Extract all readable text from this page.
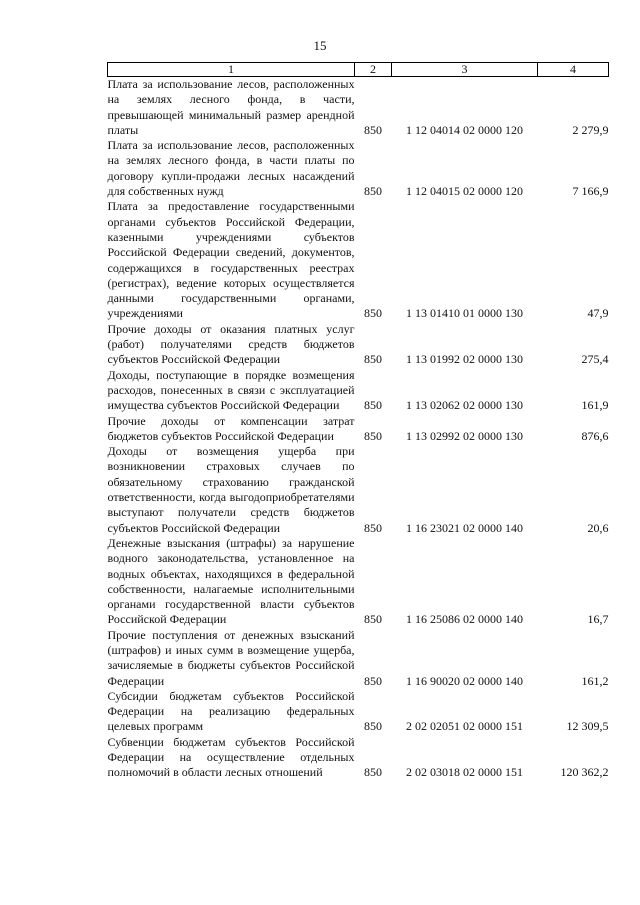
15
1	2	3	4
Плата за использование лесов, расположенных на землях лесного фонда, в части, превышающей минимальный размер арендной платы	850	1 12 04014 02 0000 120	2 279,9
Плата за использование лесов, расположенных на землях лесного фонда, в части платы по договору купли-продажи лесных насаждений для собственных нужд	850	1 12 04015 02 0000 120	7 166,9
Плата за предоставление государственными органами субъектов Российской Федерации, казенными учреждениями субъектов Российской Федерации сведений, документов, содержащихся в государственных реестрах (регистрах), ведение которых осуществляется данными государственными органами, учреждениями	850	1 13 01410 01 0000 130	47,9
Прочие доходы от оказания платных услуг (работ) получателями средств бюджетов субъектов Российской Федерации	850	1 13 01992 02 0000 130	275,4
Доходы, поступающие в порядке возмещения расходов, понесенных в связи с эксплуатацией имущества субъектов Российской Федерации	850	1 13 02062 02 0000 130	161,9
Прочие доходы от компенсации затрат бюджетов субъектов Российской Федерации	850	1 13 02992 02 0000 130	876,6
Доходы от возмещения ущерба при возникновении страховых случаев по обязательному страхованию гражданской ответственности, когда выгодоприобретателями выступают получатели средств бюджетов субъектов Российской Федерации	850	1 16 23021 02 0000 140	20,6
Денежные взыскания (штрафы) за нарушение водного законодательства, установленное на водных объектах, находящихся в федеральной собственности, налагаемые исполнительными органами государственной власти субъектов Российской Федерации	850	1 16 25086 02 0000 140	16,7
Прочие поступления от денежных взысканий (штрафов) и иных сумм в возмещение ущерба, зачисляемые в бюджеты субъектов Российской Федерации	850	1 16 90020 02 0000 140	161,2
Субсидии бюджетам субъектов Российской Федерации на реализацию федеральных целевых программ	850	2 02 02051 02 0000 151	12 309,5
Субвенции бюджетам субъектов Российской Федерации на осуществление отдельных полномочий в области лесных отношений	850	2 02 03018 02 0000 151	120 362,2
